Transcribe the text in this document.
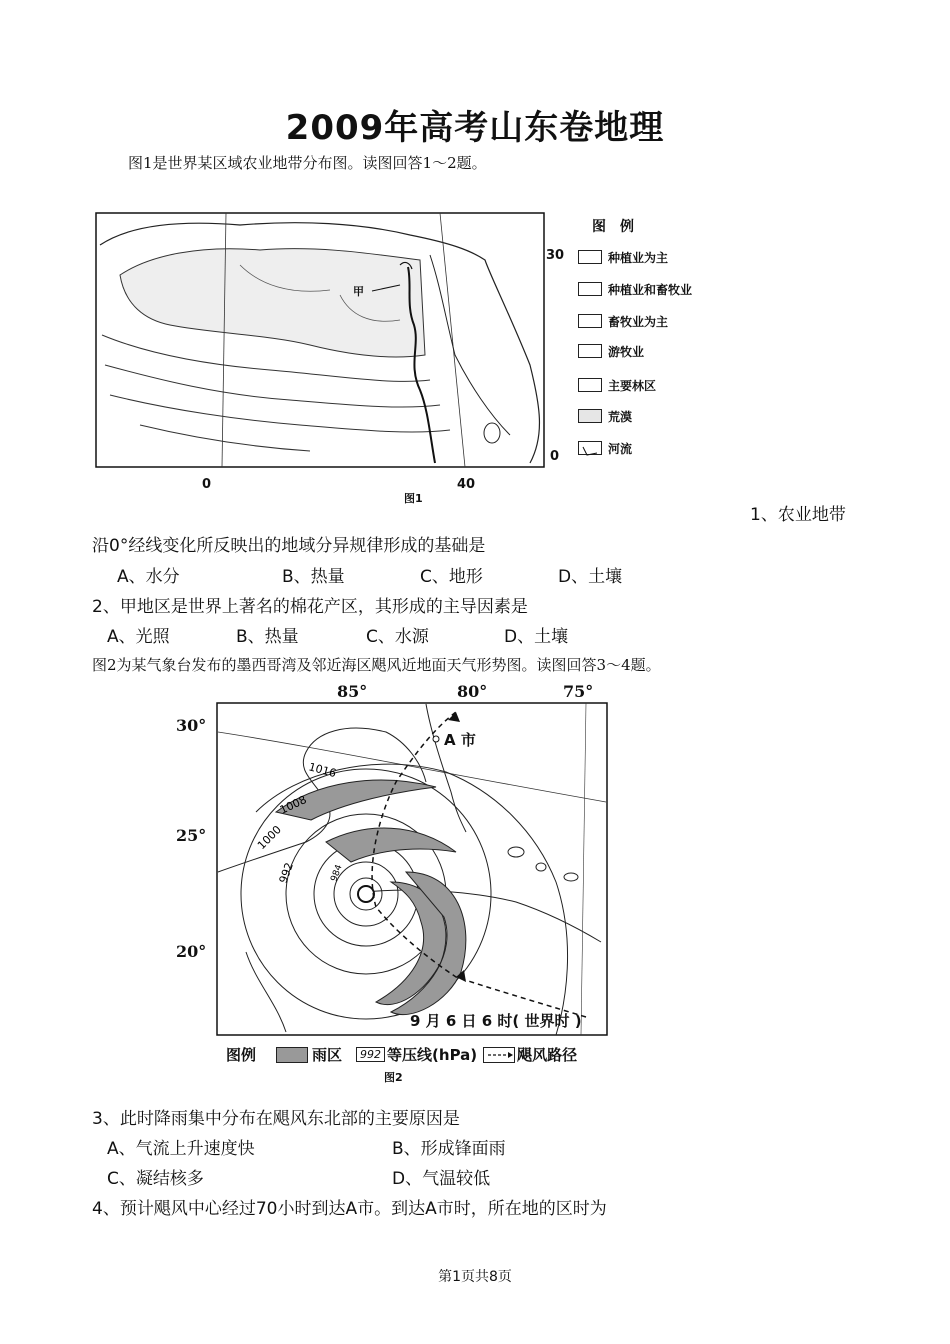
2009年高考山东卷地理
图1是世界某区域农业地带分布图。读图回答1～2题。
甲
30
0
0	40
图1
图　例
种植业为主
种植业和畜牧业
畜牧业为主
游牧业
主要林区
荒漠
河流
1、农业地带
沿0°经线变化所反映出的地域分异规律形成的基础是
A、水分	B、热量	C、地形	D、土壤
2、甲地区是世界上著名的棉花产区，其形成的主导因素是
A、光照	B、热量	C、水源	D、土壤
图2为某气象台发布的墨西哥湾及邻近海区飓风近地面天气形势图。读图回答3～4题。
85°	80°	75°
30°
25°
20°
1016
1008
1000
992	984
A 市
9 月 6 日 6 时( 世界时 )
图例	雨区	992 等压线(hPa)	飓风路径
图2
3、此时降雨集中分布在飓风东北部的主要原因是
A、气流上升速度快	B、形成锋面雨
C、凝结核多	D、气温较低
4、预计飓风中心经过70小时到达A市。到达A市时，所在地的区时为
第1页共8页
